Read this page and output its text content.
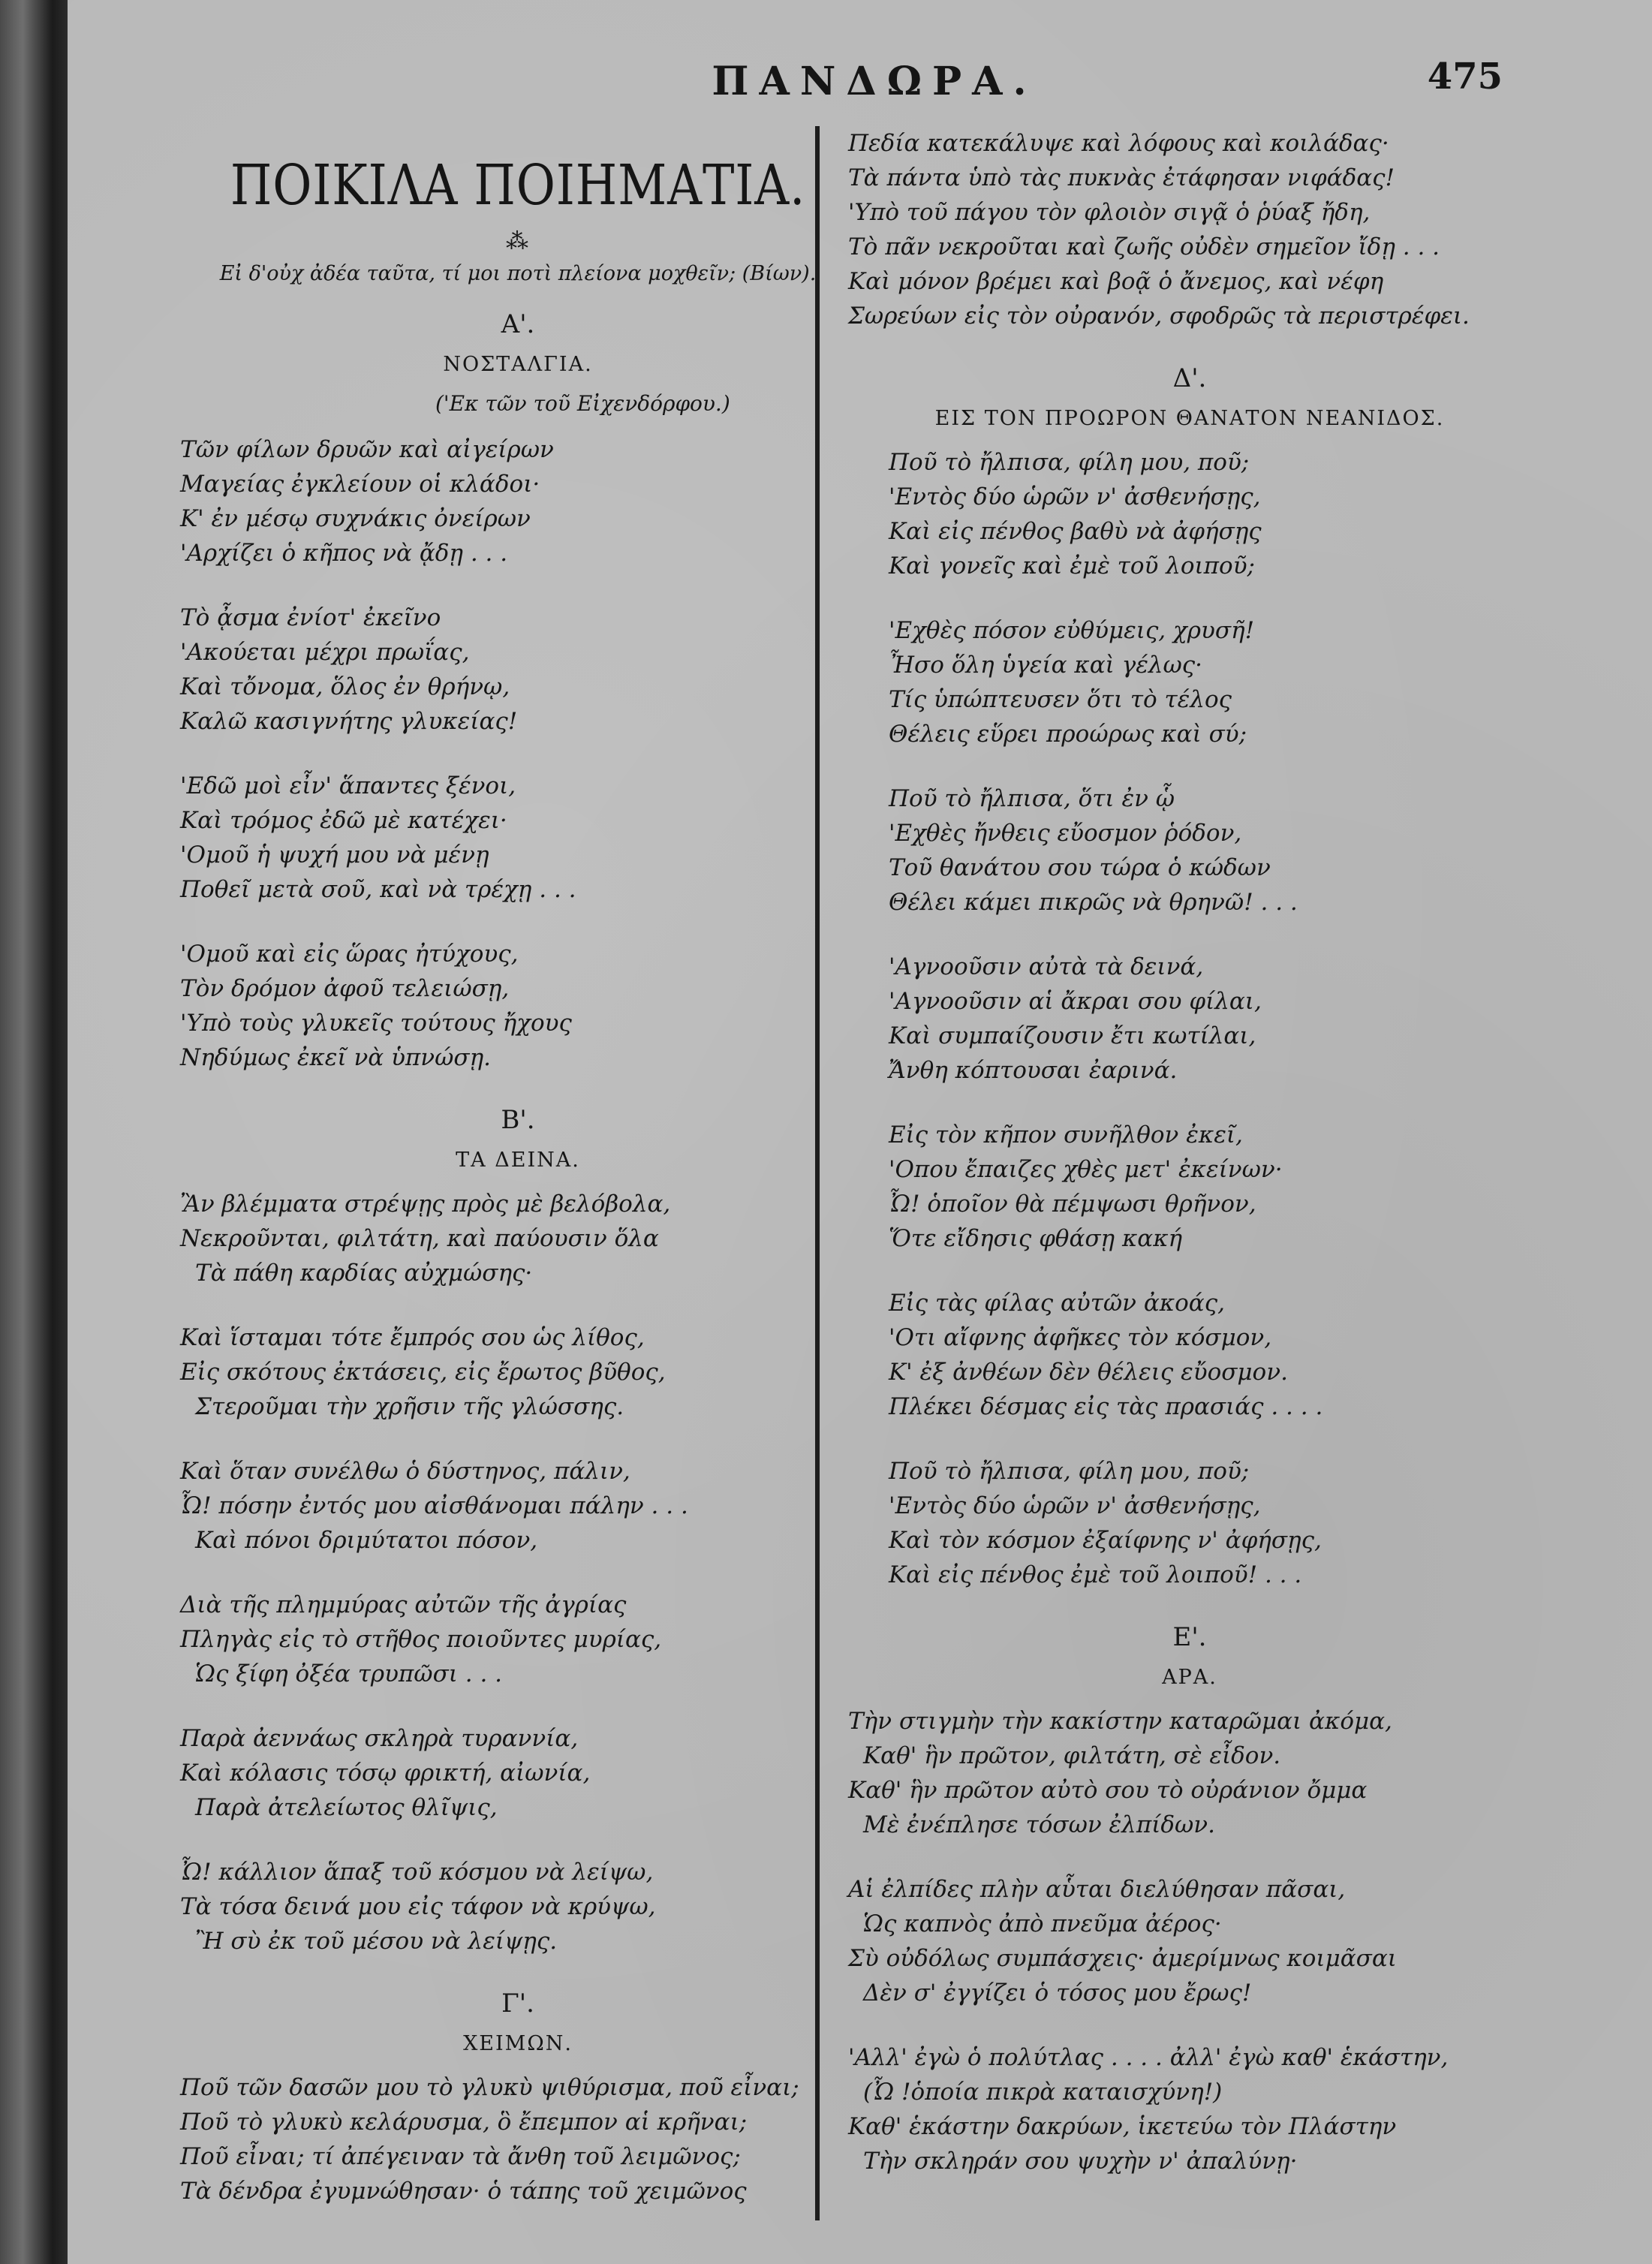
ΠΑΝΔΩΡΑ.	475
ΠΟΙΚΙΛΑ ΠΟΙΗΜΑΤΙΑ.
⁂
Εἰ δ'οὐχ ἀδέα ταῦτα, τί μοι ποτὶ πλείονα μοχθεῖν; (Βίων).
Α'.
ΝΟΣΤΑΛΓΙΑ.
('Εκ τῶν τοῦ Εἰχενδόρφου.)
Τῶν φίλων δρυῶν καὶ αἰγείρων
Μαγείας ἐγκλείουν οἱ κλάδοι·
Κ' ἐν μέσῳ συχνάκις ὀνείρων
'Αρχίζει ὁ κῆπος νὰ ᾄδῃ . . .
Τὸ ᾆσμα ἐνίοτ' ἐκεῖνο
'Ακούεται μέχρι πρωΐας,
Καὶ τὄνομα, ὅλος ἐν θρήνῳ,
Καλῶ κασιγνήτης γλυκείας!
'Εδῶ μοὶ εἶν' ἅπαντες ξένοι,
Καὶ τρόμος ἐδῶ μὲ κατέχει·
'Ομοῦ ἡ ψυχή μου νὰ μένῃ
Ποθεῖ μετὰ σοῦ, καὶ νὰ τρέχῃ . . .
'Ομοῦ καὶ εἰς ὥρας ἠτύχους,
Τὸν δρόμον ἀφοῦ τελειώσῃ,
'Υπὸ τοὺς γλυκεῖς τούτους ἤχους
Νηδύμως ἐκεῖ νὰ ὑπνώσῃ.
Β'.
ΤΑ ΔΕΙΝΑ.
Ἂν βλέμματα στρέψῃς πρὸς μὲ βελόβολα,
Νεκροῦνται, φιλτάτη, καὶ παύουσιν ὅλα
Τὰ πάθη καρδίας αὐχμώσης·
Καὶ ἵσταμαι τότε ἔμπρός σου ὡς λίθος,
Εἰς σκότους ἐκτάσεις, εἰς ἔρωτος βῦθος,
Στεροῦμαι τὴν χρῆσιν τῆς γλώσσης.
Καὶ ὅταν συνέλθω ὁ δύστηνος, πάλιν,
Ὦ! πόσην ἐντός μου αἰσθάνομαι πάλην . . .
Καὶ πόνοι δριμύτατοι πόσον,
Διὰ τῆς πλημμύρας αὐτῶν τῆς ἀγρίας
Πληγὰς εἰς τὸ στῆθος ποιοῦντες μυρίας,
Ὡς ξίφη ὀξέα τρυπῶσι . . .
Παρὰ ἀεννάως σκληρὰ τυραννία,
Καὶ κόλασις τόσῳ φρικτή, αἰωνία,
Παρὰ ἀτελείωτος θλῖψις,
Ὦ! κάλλιον ἅπαξ τοῦ κόσμου νὰ λείψω,
Τὰ τόσα δεινά μου εἰς τάφον νὰ κρύψω,
Ἢ σὺ ἐκ τοῦ μέσου νὰ λείψῃς.
Γ'.
ΧΕΙΜΩΝ.
Ποῦ τῶν δασῶν μου τὸ γλυκὺ ψιθύρισμα, ποῦ εἶναι;
Ποῦ τὸ γλυκὺ κελάρυσμα, ὃ ἔπεμπον αἱ κρῆναι;
Ποῦ εἶναι; τί ἀπέγειναν τὰ ἄνθη τοῦ λειμῶνος;
Τὰ δένδρα ἐγυμνώθησαν· ὁ τάπης τοῦ χειμῶνος
Πεδία κατεκάλυψε καὶ λόφους καὶ κοιλάδας·
Τὰ πάντα ὑπὸ τὰς πυκνὰς ἐτάφησαν νιφάδας!
'Υπὸ τοῦ πάγου τὸν φλοιὸν σιγᾷ ὁ ῥύαξ ἤδη,
Τὸ πᾶν νεκροῦται καὶ ζωῆς οὐδὲν σημεῖον ἴδῃ . . .
Καὶ μόνον βρέμει καὶ βοᾷ ὁ ἄνεμος, καὶ νέφη
Σωρεύων εἰς τὸν οὐρανόν, σφοδρῶς τὰ περιστρέφει.
Δ'.
ΕΙΣ ΤΟΝ ΠΡΟΩΡΟΝ ΘΑΝΑΤΟΝ ΝΕΑΝΙΔΟΣ.
Ποῦ τὸ ἤλπισα, φίλη μου, ποῦ;
'Εντὸς δύο ὡρῶν ν' ἀσθενήσῃς,
Καὶ εἰς πένθος βαθὺ νὰ ἀφήσῃς
Καὶ γονεῖς καὶ ἐμὲ τοῦ λοιποῦ;
'Εχθὲς πόσον εὐθύμεις, χρυσῆ!
Ἦσο ὅλη ὑγεία καὶ γέλως·
Τίς ὑπώπτευσεν ὅτι τὸ τέλος
Θέλεις εὕρει προώρως καὶ σύ;
Ποῦ τὸ ἤλπισα, ὅτι ἐν ᾧ
'Εχθὲς ἤνθεις εὔοσμον ῥόδον,
Τοῦ θανάτου σου τώρα ὁ κώδων
Θέλει κάμει πικρῶς νὰ θρηνῶ! . . .
'Αγνοοῦσιν αὐτὰ τὰ δεινά,
'Αγνοοῦσιν αἱ ἄκραι σου φίλαι,
Καὶ συμπαίζουσιν ἔτι κωτίλαι,
Ἄνθη κόπτουσαι ἐαρινά.
Εἰς τὸν κῆπον συνῆλθον ἐκεῖ,
'Οπου ἔπαιζες χθὲς μετ' ἐκείνων·
Ὦ! ὁποῖον θὰ πέμψωσι θρῆνον,
Ὅτε εἴδησις φθάσῃ κακή
Εἰς τὰς φίλας αὐτῶν ἀκοάς,
'Οτι αἴφνης ἀφῆκες τὸν κόσμον,
Κ' ἐξ ἀνθέων δὲν θέλεις εὔοσμον.
Πλέκει δέσμας εἰς τὰς πρασιάς . . . .
Ποῦ τὸ ἤλπισα, φίλη μου, ποῦ;
'Εντὸς δύο ὡρῶν ν' ἀσθενήσῃς,
Καὶ τὸν κόσμον ἐξαίφνης ν' ἀφήσῃς,
Καὶ εἰς πένθος ἐμὲ τοῦ λοιποῦ! . . .
Ε'.
ΑΡΑ.
Τὴν στιγμὴν τὴν κακίστην καταρῶμαι ἀκόμα,
Καθ' ἣν πρῶτον, φιλτάτη, σὲ εἶδον.
Καθ' ἣν πρῶτον αὐτὸ σου τὸ οὐράνιον ὄμμα
Μὲ ἐνέπλησε τόσων ἐλπίδων.
Αἱ ἐλπίδες πλὴν αὗται διελύθησαν πᾶσαι,
Ὡς καπνὸς ἀπὸ πνεῦμα ἀέρος·
Σὺ οὐδόλως συμπάσχεις· ἀμερίμνως κοιμᾶσαι
Δὲν σ' ἐγγίζει ὁ τόσος μου ἔρως!
'Αλλ' ἐγὼ ὁ πολύτλας . . . . ἀλλ' ἐγὼ καθ' ἑκάστην,
(Ὦ !ὁποία πικρὰ καταισχύνη!)
Καθ' ἑκάστην δακρύων, ἱκετεύω τὸν Πλάστην
Τὴν σκληράν σου ψυχὴν ν' ἀπαλύνῃ·
